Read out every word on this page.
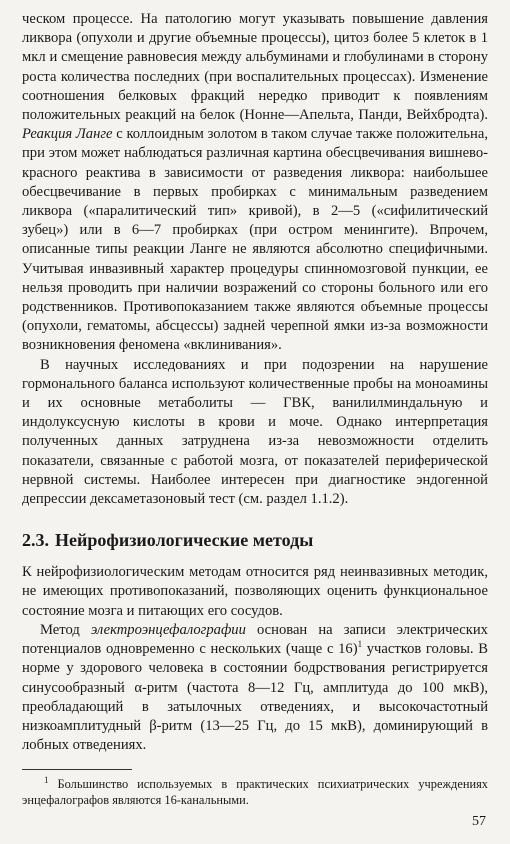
ческом процессе. На патологию могут указывать повышение давления ликвора (опухоли и другие объемные процессы), цитоз более 5 клеток в 1 мкл и смещение равновесия между альбуминами и глобулинами в сторону роста количества последних (при воспалительных процессах). Изменение соотношения белковых фракций нередко приводит к появлениям положительных реакций на белок (Нонне—Апельта, Панди, Вейхбродта). Реакция Ланге с коллоидным золотом в таком случае также положительна, при этом может наблюдаться различная картина обесцвечивания вишнево-красного реактива в зависимости от разведения ликвора: наибольшее обесцвечивание в первых пробирках с минимальным разведением ликвора («паралитический тип» кривой), в 2—5 («сифилитический зубец») или в 6—7 пробирках (при остром менингите). Впрочем, описанные типы реакции Ланге не являются абсолютно специфичными. Учитывая инвазивный характер процедуры спинномозговой пункции, ее нельзя проводить при наличии возражений со стороны больного или его родственников. Противопоказанием также являются объемные процессы (опухоли, гематомы, абсцессы) задней черепной ямки из-за возможности возникновения феномена «вклинивания».

В научных исследованиях и при подозрении на нарушение гормонального баланса используют количественные пробы на моноамины и их основные метаболиты — ГВК, ванилилминдальную и индолуксусную кислоты в крови и моче. Однако интерпретация полученных данных затруднена из-за невозможности отделить показатели, связанные с работой мозга, от показателей периферической нервной системы. Наиболее интересен при диагностике эндогенной депрессии дексаметазоновый тест (см. раздел 1.1.2).

2.3. Нейрофизиологические методы

К нейрофизиологическим методам относится ряд неинвазивных методик, не имеющих противопоказаний, позволяющих оценить функциональное состояние мозга и питающих его сосудов.

Метод электроэнцефалографии основан на записи электрических потенциалов одновременно с нескольких (чаще с 16)$^1$ участков головы. В норме у здорового человека в состоянии бодрствования регистрируется синусообразный α-ритм (частота 8—12 Гц, амплитуда до 100 мкВ), преобладающий в затылочных отведениях, и высокочастотный низкоамплитудный β-ритм (13—25 Гц, до 15 мкВ), доминирующий в лобных отведениях.

$^1$ Большинство используемых в практических психиатрических учреждениях энцефалографов являются 16-канальными.

57
